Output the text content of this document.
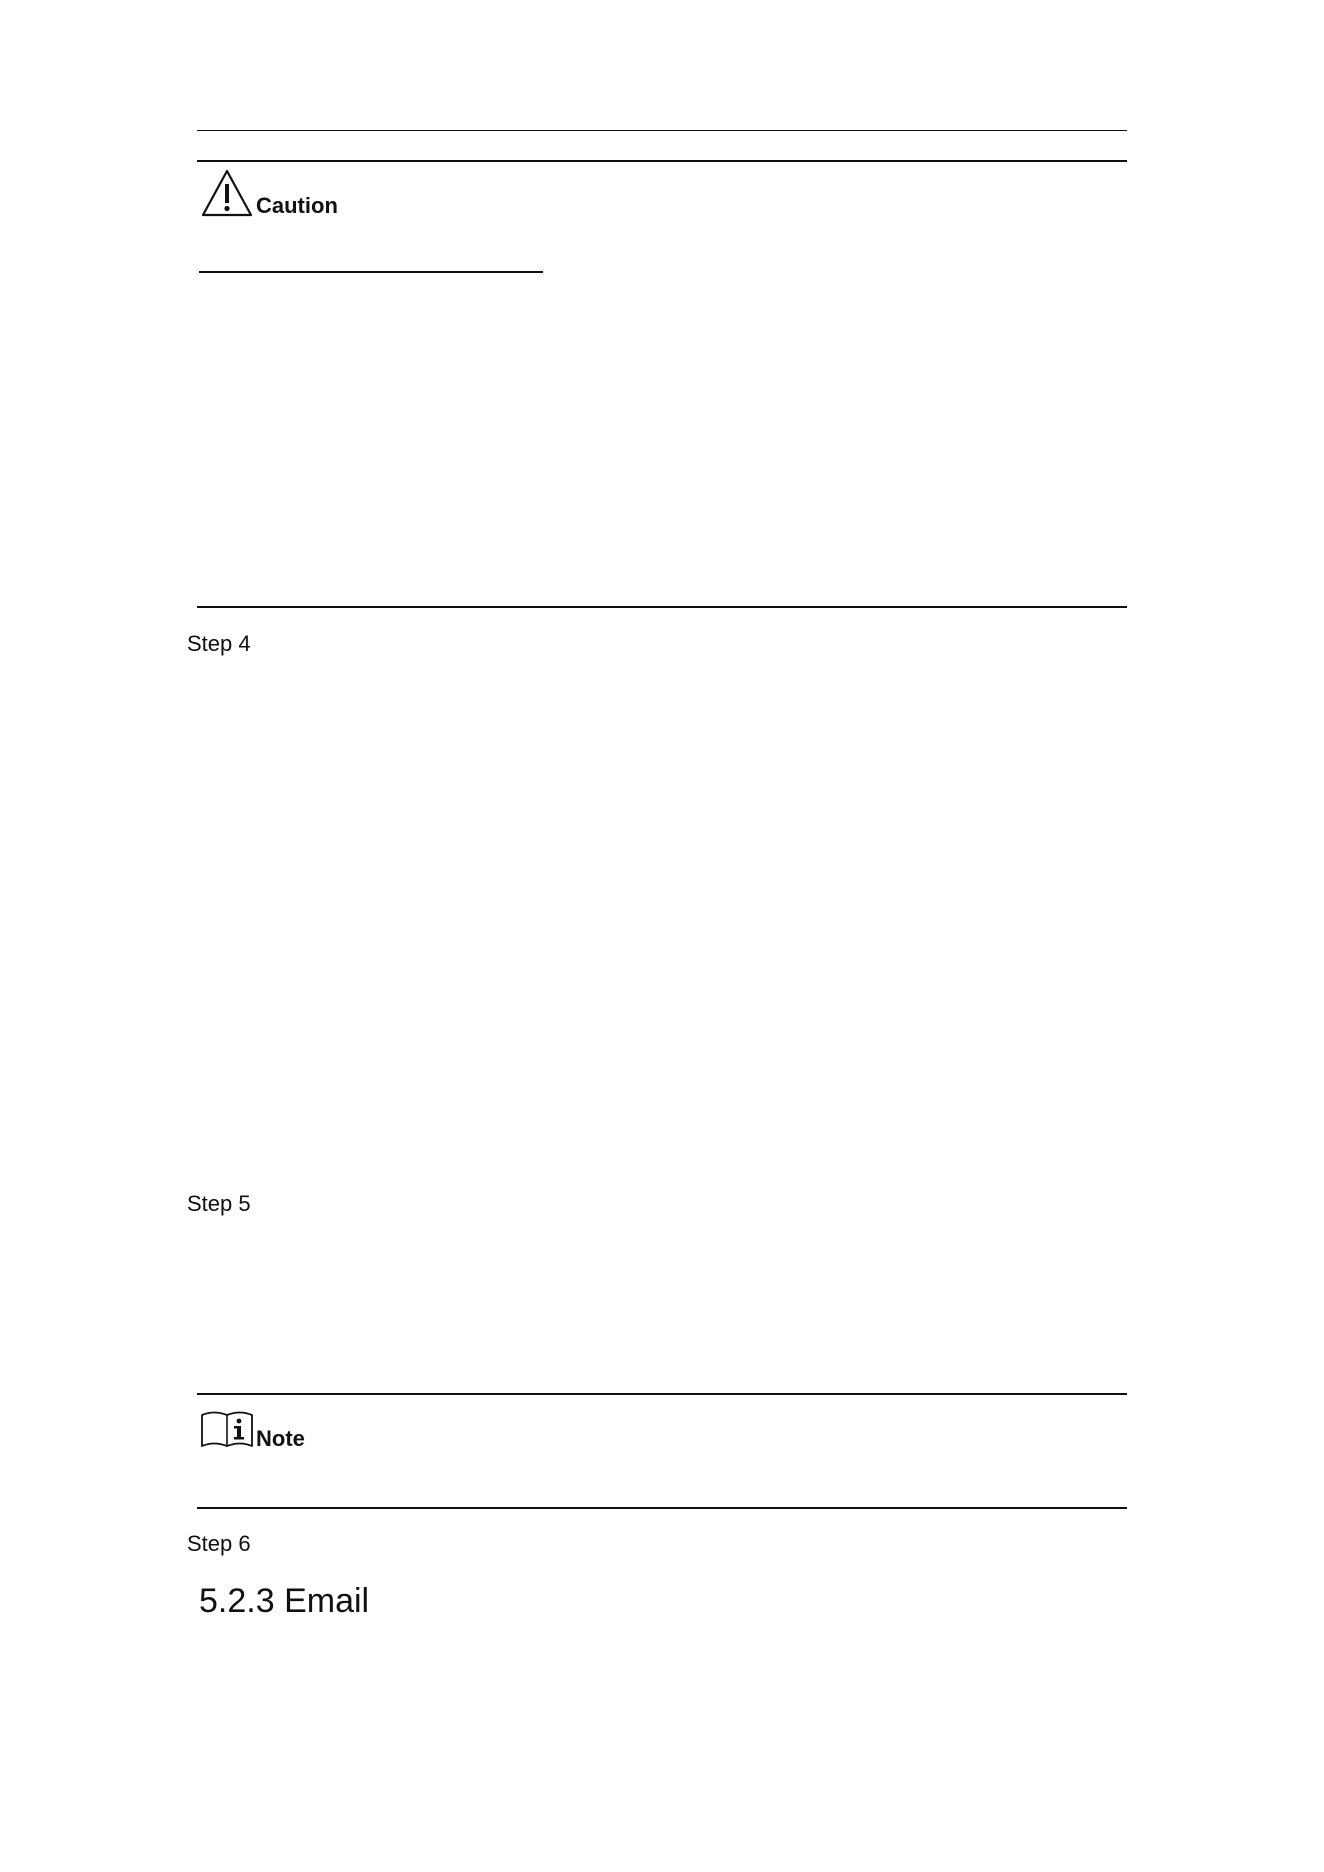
Caution
Step 4
Step 5
Note
Step 6
5.2.3 Email
